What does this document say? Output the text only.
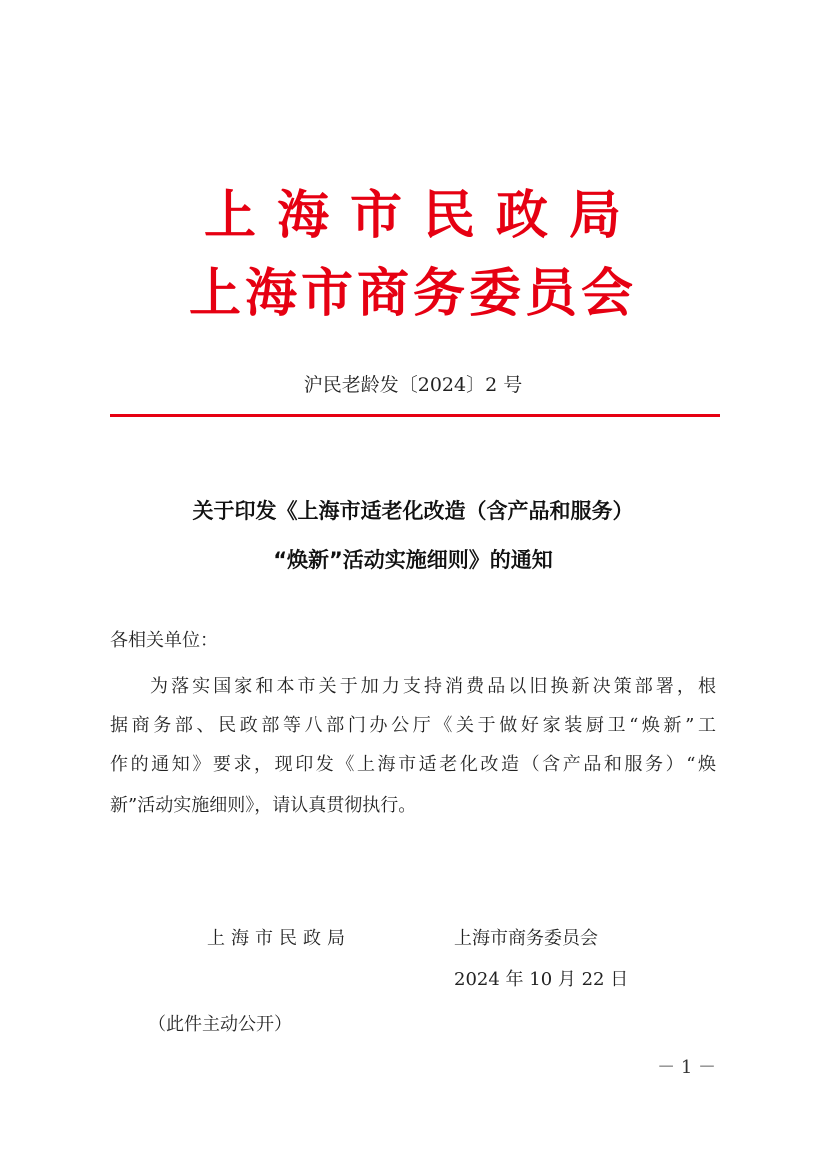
上海市民政局
上海市商务委员会
沪民老龄发〔2024〕2 号
关于印发《上海市适老化改造（含产品和服务）
“焕新”活动实施细则》的通知
各相关单位：
为落实国家和本市关于加力支持消费品以旧换新决策部署，根
据商务部、民政部等八部门办公厅《关于做好家装厨卫“焕新”工
作的通知》要求，现印发《上海市适老化改造（含产品和服务）“焕
新”活动实施细则》，请认真贯彻执行。
上海市民政局	上海市商务委员会
2024 年 10 月 22 日
（此件主动公开）
－ 1 －
